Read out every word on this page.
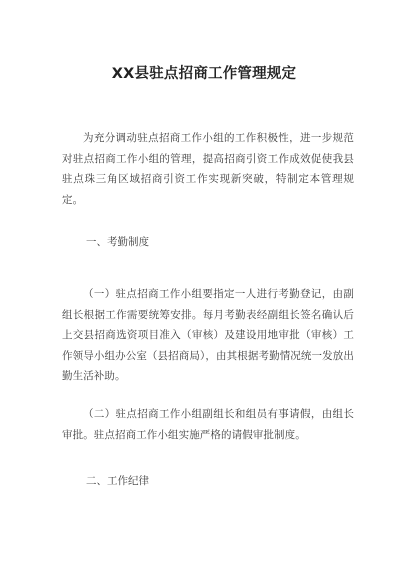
XX县驻点招商工作管理规定
为充分调动驻点招商工作小组的工作积极性，进一步规范对驻点招商工作小组的管理，提高招商引资工作成效促使我县驻点珠三角区域招商引资工作实现新突破，特制定本管理规定。
一、考勤制度
（一）驻点招商工作小组要指定一人进行考勤登记，由副组长根据工作需要统筹安排。每月考勤表经副组长签名确认后上交县招商选资项目准入（审核）及建设用地审批（审核）工作领导小组办公室（县招商局），由其根据考勤情况统一发放出勤生活补助。
（二）驻点招商工作小组副组长和组员有事请假，由组长审批。驻点招商工作小组实施严格的请假审批制度。
二、工作纪律
